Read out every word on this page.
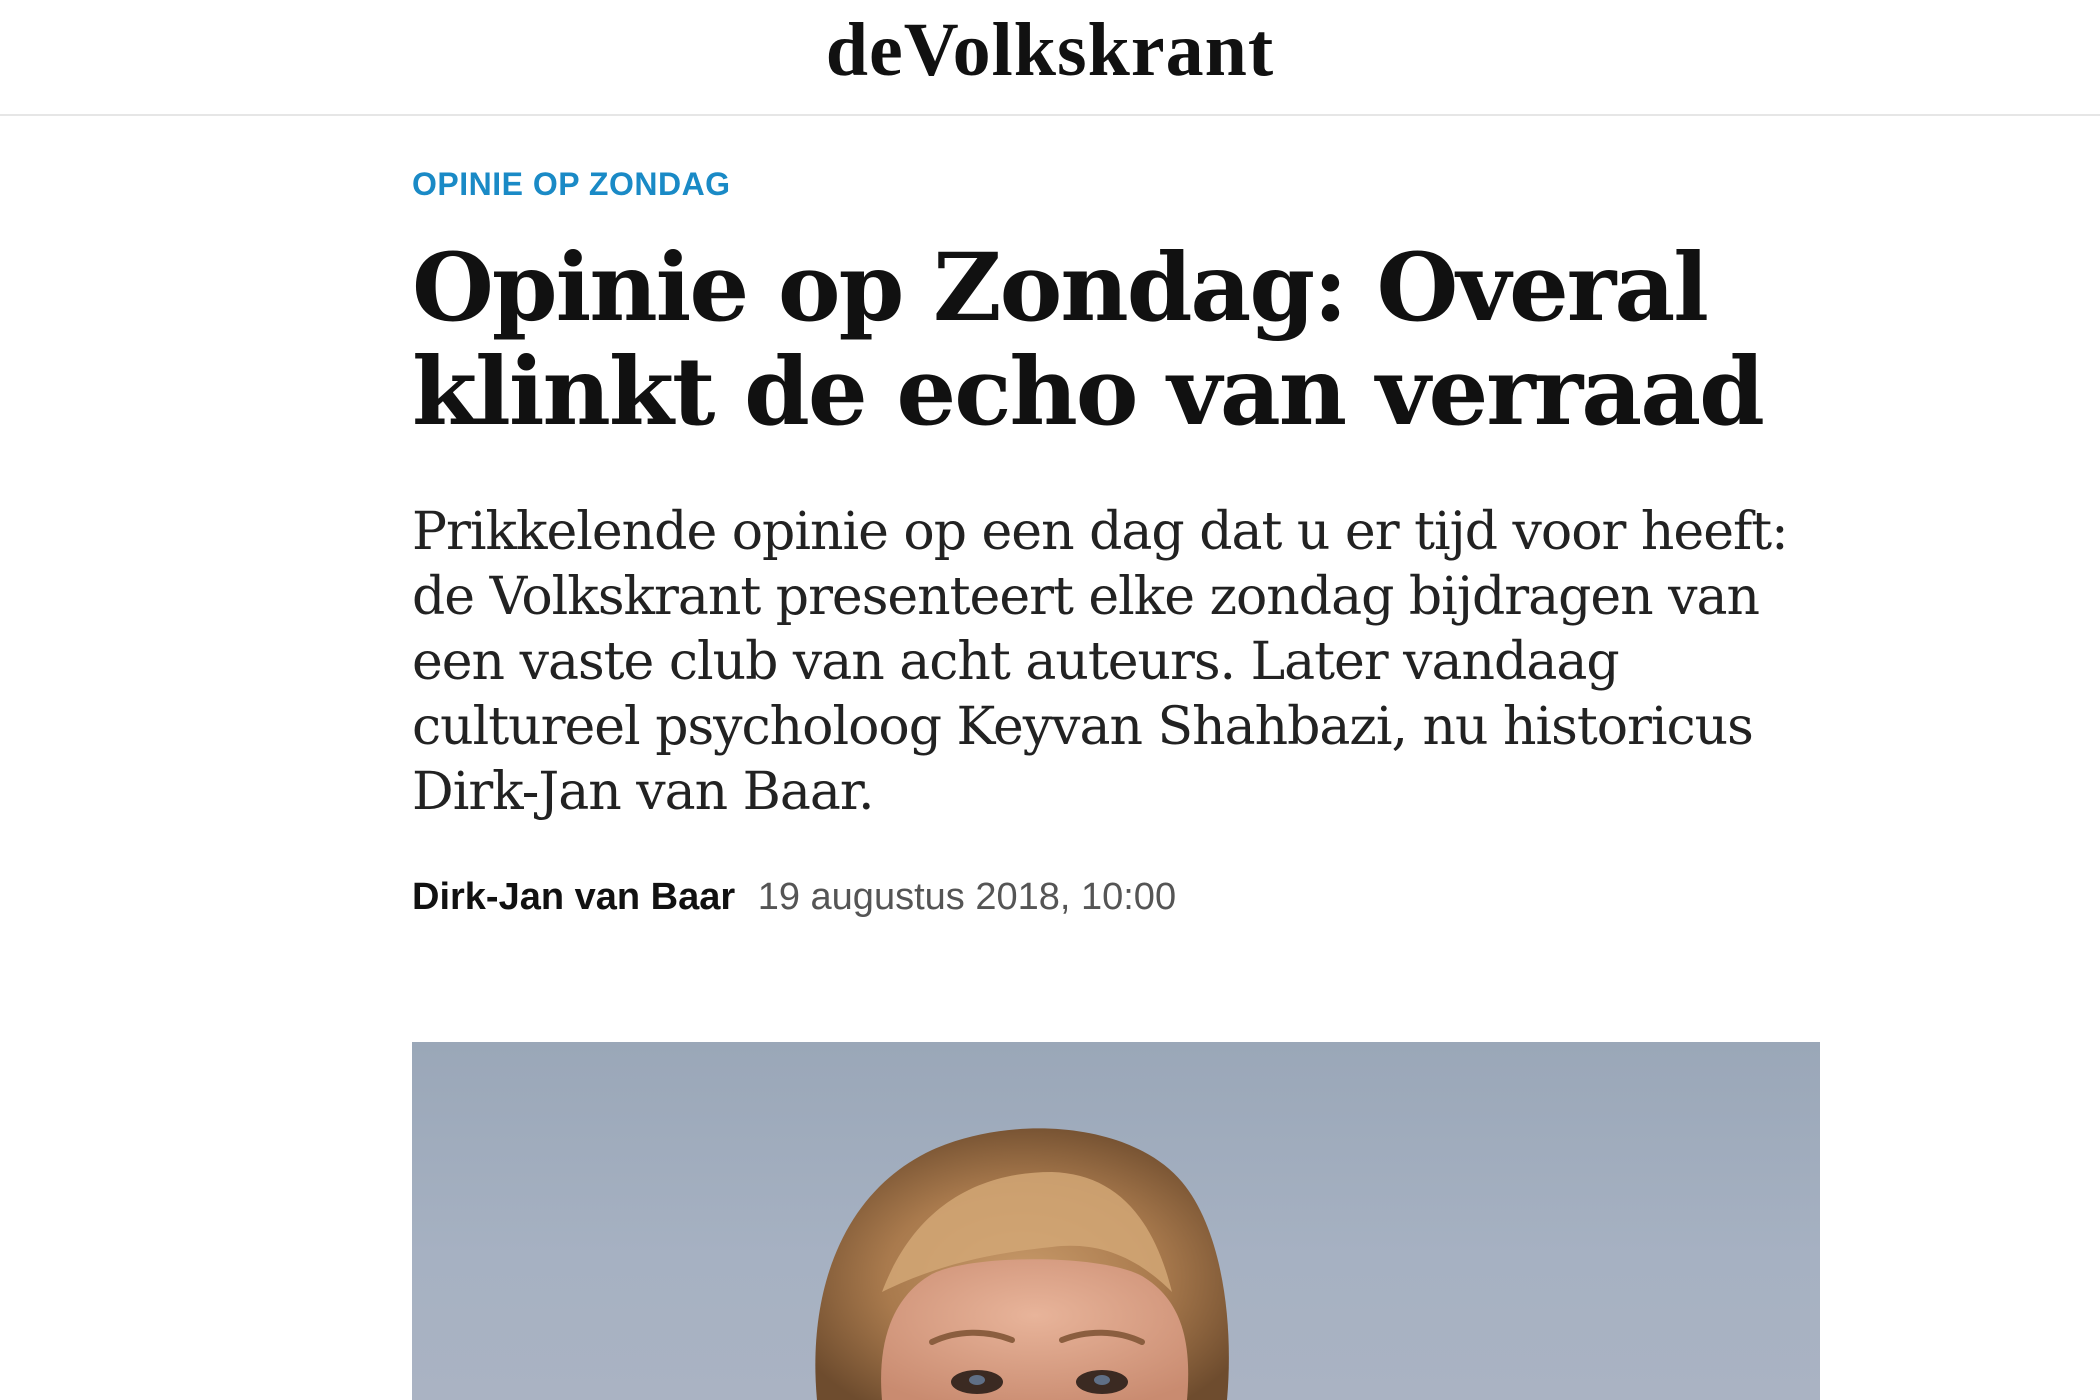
deVolkskrant
OPINIE OP ZONDAG
Opinie op Zondag: Overal klinkt de echo van verraad

Prikkelende opinie op een dag dat u er tijd voor heeft: de Volkskrant presenteert elke zondag bijdragen van een vaste club van acht auteurs. Later vandaag cultureel psycholoog Keyvan Shahbazi, nu historicus Dirk-Jan van Baar.

Dirk-Jan van Baar 19 augustus 2018, 10:00
